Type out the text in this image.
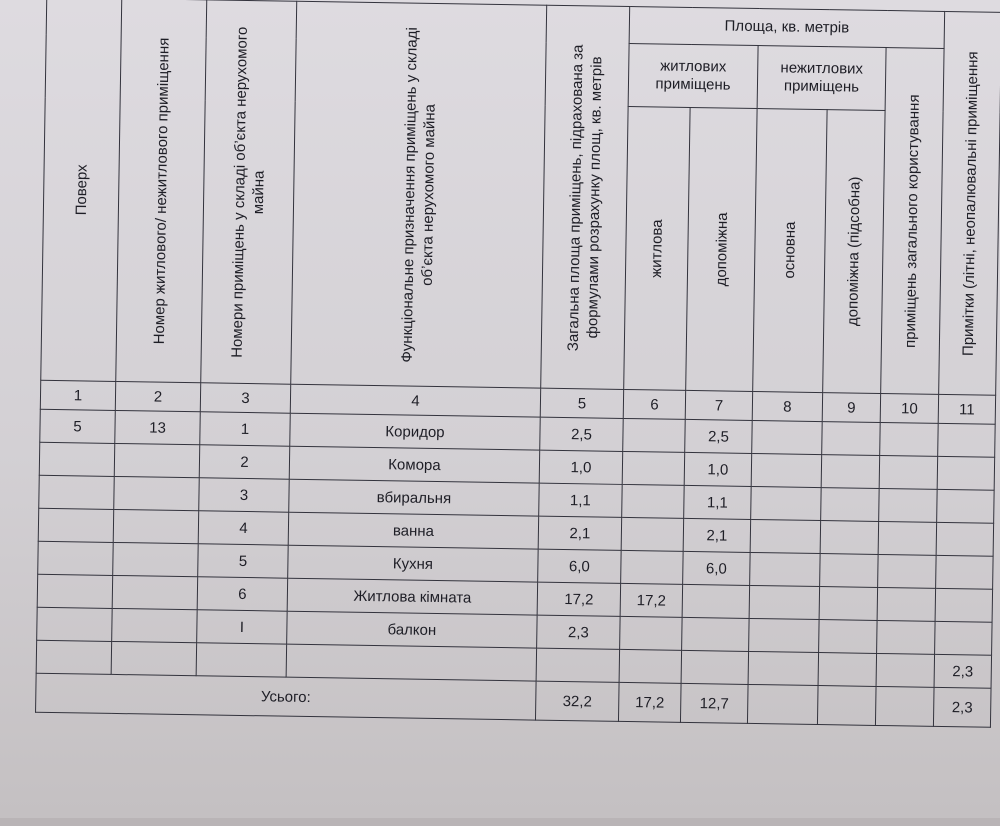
Поверх	Номер житлового/ нежитлового приміщення	Номери приміщень у складі об’єкта нерухомого майна	Функціональне призначення приміщень у складі об’єкта нерухомого майна	Загальна площа приміщень, підрахована за формулами розрахунку площ, кв. метрів	Площа, кв. метрів					Примітки (літні, неопалювальні приміщення

					житлових приміщень		нежитлових приміщень		приміщень загального користування	

					житлова	допоміжна	основна	допоміжна (підсобна)		

1	2	3	4	5	6	7	8	9	10	11
5	13	1	Коридор	2,5		2,5				
		2	Комора	1,0		1,0				
		3	вбиральня	1,1		1,1				
		4	ванна	2,1		2,1				
		5	Кухня	6,0		6,0				
		6	Житлова кімната	17,2	17,2					
		I	балкон	2,3						
										2,3
Усього:				32,2	17,2	12,7				2,3
